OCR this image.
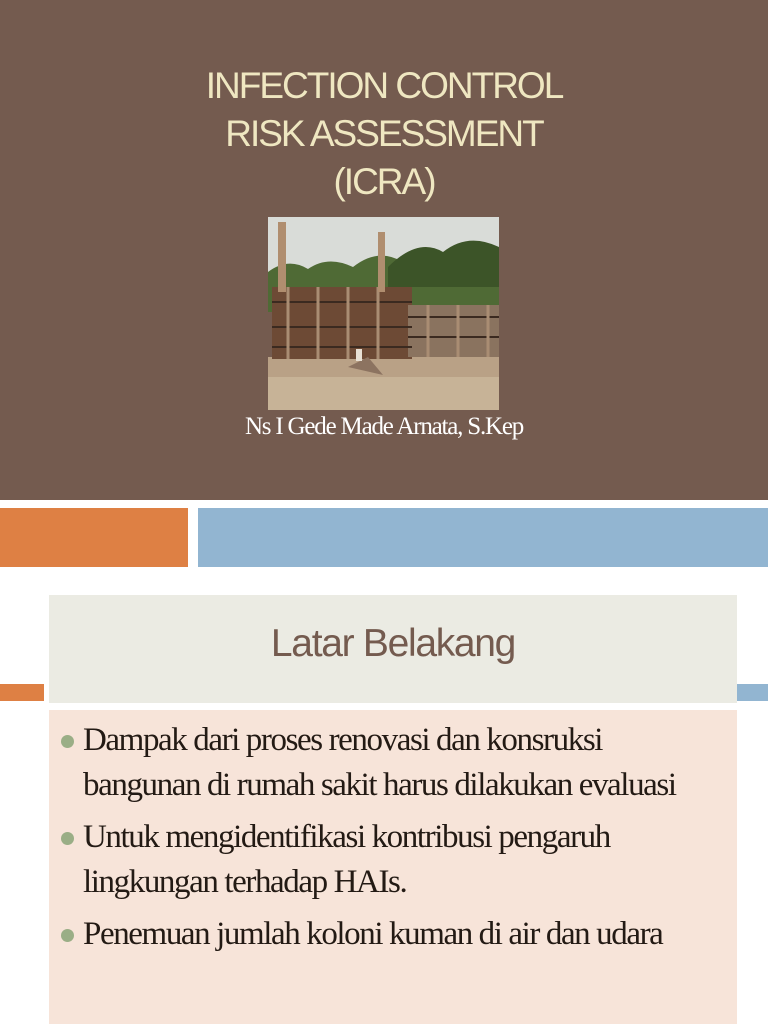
INFECTION CONTROL
RISK ASSESSMENT
(ICRA)
Ns I Gede Made Arnata, S.Kep
Latar Belakang
Dampak dari proses renovasi dan konsruksi bangunan di rumah sakit harus dilakukan evaluasi
Untuk mengidentifikasi kontribusi pengaruh lingkungan terhadap HAIs.
Penemuan jumlah koloni kuman di air dan udara
